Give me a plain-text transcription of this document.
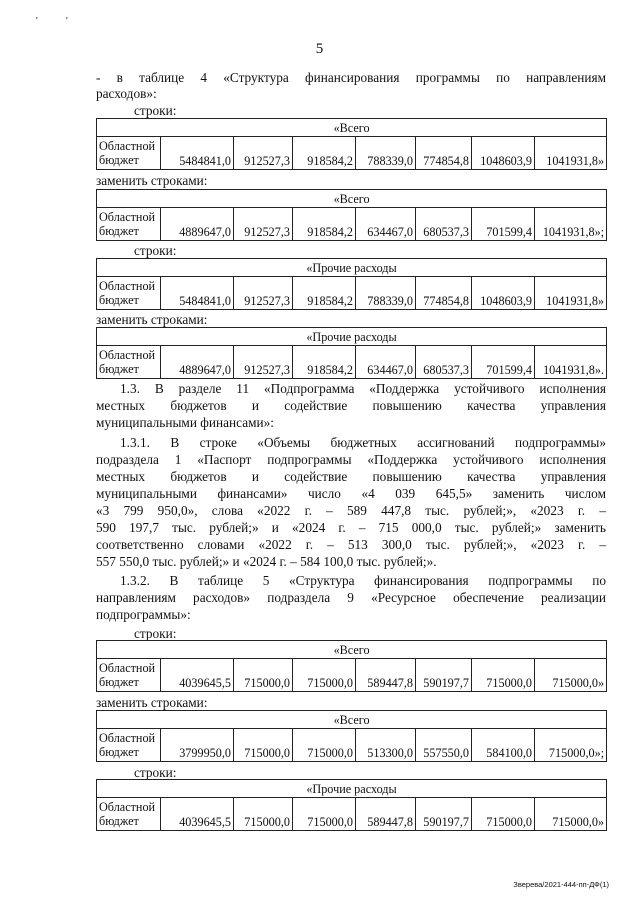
'	'
5
- в таблице 4 «Структура финансирования программы по направлениям
расходов»:
строки:
«Всего
Областной бюджет	5484841,0	912527,3	918584,2	788339,0	774854,8	1048603,9	1041931,8»
заменить строками:
«Всего
Областной бюджет	4889647,0	912527,3	918584,2	634467,0	680537,3	701599,4	1041931,8»;
строки:
«Прочие расходы
Областной бюджет	5484841,0	912527,3	918584,2	788339,0	774854,8	1048603,9	1041931,8»
заменить строками:
«Прочие расходы
Областной бюджет	4889647,0	912527,3	918584,2	634467,0	680537,3	701599,4	1041931,8».
1.3. В разделе 11 «Подпрограмма «Поддержка устойчивого исполнения
местных бюджетов и содействие повышению качества управления
муниципальными финансами»:
1.3.1. В строке «Объемы бюджетных ассигнований подпрограммы»
подраздела 1 «Паспорт подпрограммы «Поддержка устойчивого исполнения
местных бюджетов и содействие повышению качества управления
муниципальными финансами» число «4 039 645,5» заменить числом
«3 799 950,0», слова «2022 г. – 589 447,8 тыс. рублей;», «2023 г. –
590 197,7 тыс. рублей;» и «2024 г. – 715 000,0 тыс. рублей;» заменить
соответственно словами «2022 г. – 513 300,0 тыс. рублей;», «2023 г. –
557 550,0 тыс. рублей;» и «2024 г. – 584 100,0 тыс. рублей;».
1.3.2. В таблице 5 «Структура финансирования подпрограммы по
направлениям расходов» подраздела 9 «Ресурсное обеспечение реализации
подпрограммы»:
строки:
«Всего
Областной бюджет	4039645,5	715000,0	715000,0	589447,8	590197,7	715000,0	715000,0»
заменить строками:
«Всего
Областной бюджет	3799950,0	715000,0	715000,0	513300,0	557550,0	584100,0	715000,0»;
строки:
«Прочие расходы
Областной бюджет	4039645,5	715000,0	715000,0	589447,8	590197,7	715000,0	715000,0»
Зверева/2021-444-пп-ДФ(1)
